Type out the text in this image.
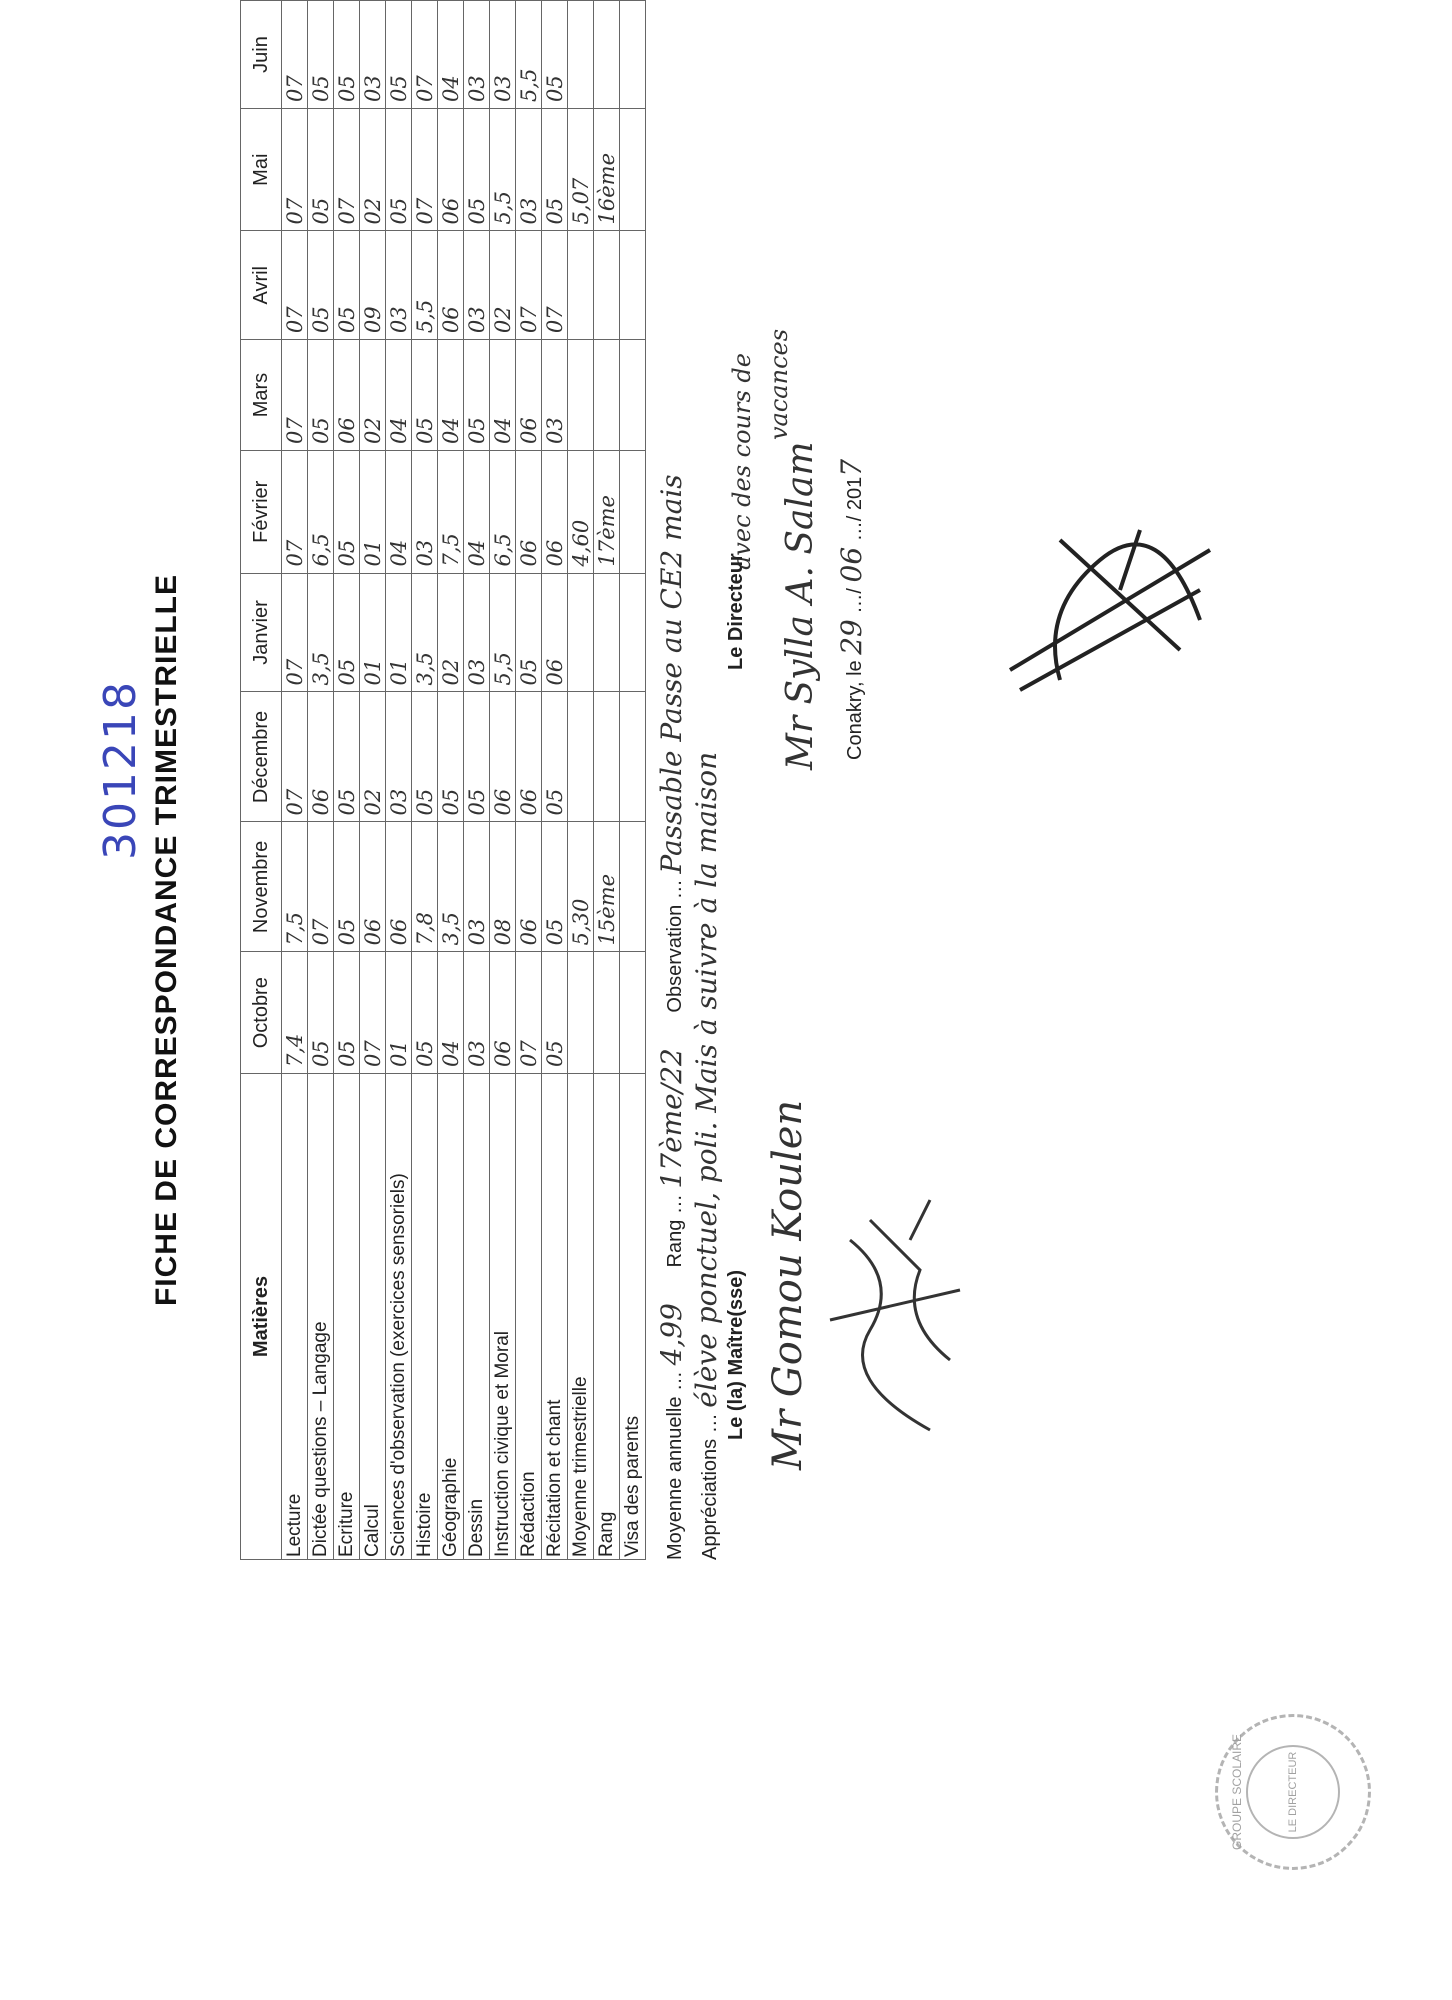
301218 FICHE DE CORRESPONDANCE TRIMESTRIELLE
Matières	Octobre	Novembre	Décembre	Janvier	Février	Mars	Avril	Mai	Juin
Lecture	7,4	7,5	07	07	07	07	07	07	07
Dictée questions – Langage	05	07	06	3,5	6,5	05	05	05	05
Ecriture	05	05	05	05	05	06	05	07	05
Calcul	07	06	02	01	01	02	09	02	03
Sciences d'observation (exercices sensoriels)	01	06	03	01	04	04	03	05	05
Histoire	05	7,8	05	3,5	03	05	5,5	07	07
Géographie	04	3,5	05	02	7,5	04	06	06	04
Dessin	03	03	05	03	04	05	03	05	03
Instruction civique et Moral	06	08	06	5,5	6,5	04	02	5,5	03
Rédaction	07	06	06	05	06	06	07	03	5,5
Récitation et chant	05	05	05	06	06	03	07	05	05
Moyenne trimestrielle		5,30			4,60			5,07	
Rang		15ème			17ème			16ème	
Visa des parents										Moyenne annuelle … 4,99 Rang … 17ème/22 Observation … Passable Passe au CE2 mais
Appréciations … élève ponctuel, poli. Mais à suivre à la maison
avec des cours de vacances
Le (la) Maître(sse) Mr Gomou Koulen
Le Directeur Mr Sylla A. Salam	Conakry, le 29 …/ 06 …/ 2017
GROUPE SCOLAIRE	LE DIRECTEUR
